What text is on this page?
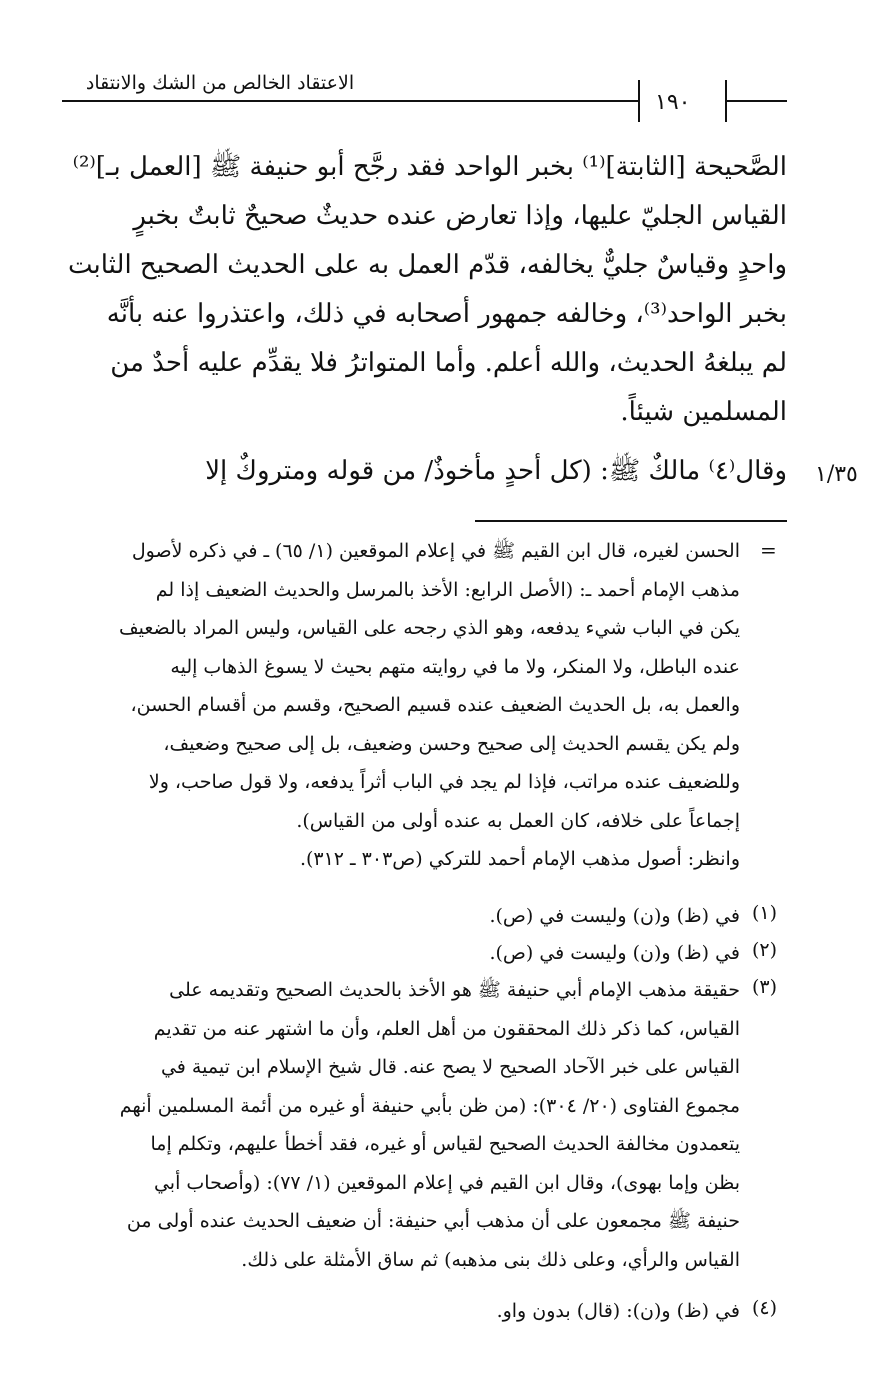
الاعتقاد الخالص من الشك والانتقاد
١٩٠
الصَّحيحة [الثابتة]⁽¹⁾ بخبر الواحد فقد رجَّح أبو حنيفة ﷺ [العمل بـ]⁽²⁾
القياس الجليّ عليها، وإذا تعارض عنده حديثٌ صحيحٌ ثابتٌ بخبرٍ
واحدٍ وقياسٌ جليٌّ يخالفه، قدّم العمل به على الحديث الصحيح الثابت
بخبر الواحد⁽³⁾، وخالفه جمهور أصحابه في ذلك، واعتذروا عنه بأنَّه
لم يبلغهُ الحديث، والله أعلم. وأما المتواترُ فلا يقدِّم عليه أحدٌ من
المسلمين شيئاً.
وقال⁽٤⁾ مالكٌ ﷺ: (كل أحدٍ مأخوذٌ/ من قوله ومتروكٌ إلا ١/٣٥
=
الحسن لغيره، قال ابن القيم ﷺ في إعلام الموقعين (١/ ٦٥) ـ في ذكره لأصول
مذهب الإمام أحمد ـ: (الأصل الرابع: الأخذ بالمرسل والحديث الضعيف إذا لم
يكن في الباب شيء يدفعه، وهو الذي رجحه على القياس، وليس المراد بالضعيف
عنده الباطل، ولا المنكر، ولا ما في روايته متهم بحيث لا يسوغ الذهاب إليه
والعمل به، بل الحديث الضعيف عنده قسيم الصحيح، وقسم من أقسام الحسن،
ولم يكن يقسم الحديث إلى صحيح وحسن وضعيف، بل إلى صحيح وضعيف،
وللضعيف عنده مراتب، فإذا لم يجد في الباب أثراً يدفعه، ولا قول صاحب، ولا
إجماعاً على خلافه، كان العمل به عنده أولى من القياس).
وانظر: أصول مذهب الإمام أحمد للتركي (ص٣٠٣ ـ ٣١٢).
(١)
في (ظ) و(ن) وليست في (ص).
(٢)
في (ظ) و(ن) وليست في (ص).
(٣)
حقيقة مذهب الإمام أبي حنيفة ﷺ هو الأخذ بالحديث الصحيح وتقديمه على
القياس، كما ذكر ذلك المحققون من أهل العلم، وأن ما اشتهر عنه من تقديم
القياس على خبر الآحاد الصحيح لا يصح عنه. قال شيخ الإسلام ابن تيمية في
مجموع الفتاوى (٢٠/ ٣٠٤): (من ظن بأبي حنيفة أو غيره من أئمة المسلمين أنهم
يتعمدون مخالفة الحديث الصحيح لقياس أو غيره، فقد أخطأ عليهم، وتكلم إما
بظن وإما بهوى)، وقال ابن القيم في إعلام الموقعين (١/ ٧٧): (وأصحاب أبي
حنيفة ﷺ مجمعون على أن مذهب أبي حنيفة: أن ضعيف الحديث عنده أولى من
القياس والرأي، وعلى ذلك بنى مذهبه) ثم ساق الأمثلة على ذلك.
(٤)
في (ظ) و(ن): (قال) بدون واو.
